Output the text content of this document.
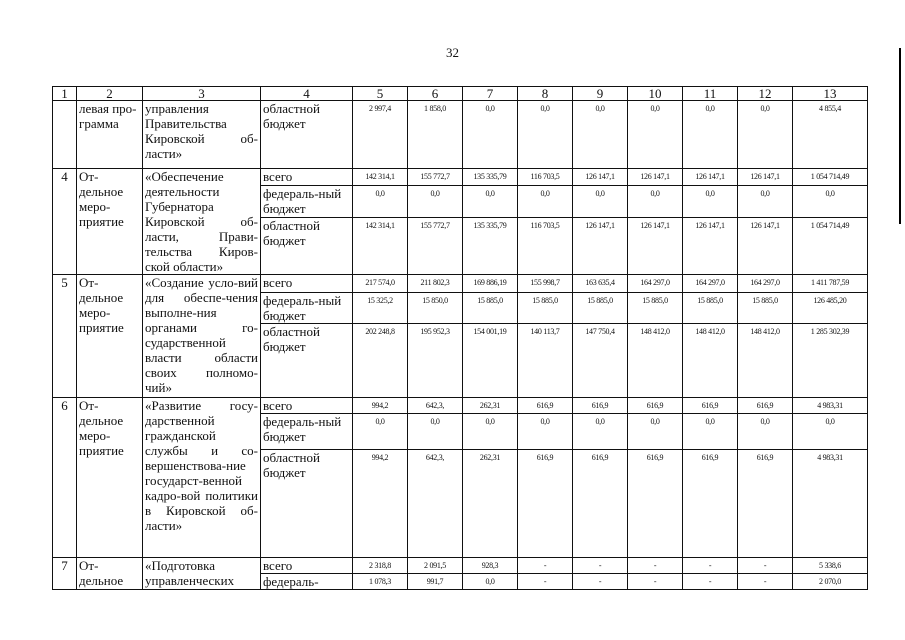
32
1	2	3	4	5	6	7	8	9	10	11	12	13
	левая про-грамма	управления Правительства Кировской об-ласти»	областной бюджет	2 997,4	1 858,0	0,0	0,0	0,0	0,0	0,0	0,0	4 855,4
4	От-дельное меро-приятие	«Обеспечение деятельности Губернатора Кировской об-ласти, Прави-тельства Киров-ской области»	всего	142 314,1	155 772,7	135 335,79	116 703,5	126 147,1	126 147,1	126 147,1	126 147,1	1 054 714,49
			федераль-ный бюджет	0,0	0,0	0,0	0,0	0,0	0,0	0,0	0,0	0,0
			областной бюджет	142 314,1	155 772,7	135 335,79	116 703,5	126 147,1	126 147,1	126 147,1	126 147,1	1 054 714,49
5	От-дельное меро-приятие	«Создание усло-вий для обеспе-чения выполне-ния органами го-сударственной власти области своих полномо-чий»	всего	217 574,0	211 802,3	169 886,19	155 998,7	163 635,4	164 297,0	164 297,0	164 297,0	1 411 787,59
			федераль-ный бюджет	15 325,2	15 850,0	15 885,0	15 885,0	15 885,0	15 885,0	15 885,0	15 885,0	126 485,20
			областной бюджет	202 248,8	195 952,3	154 001,19	140 113,7	147 750,4	148 412,0	148 412,0	148 412,0	1 285 302,39
6	От-дельное меро-приятие	«Развитие госу-дарственной гражданской службы и со-вершенствова-ние государст-венной кадро-вой политики в Кировской об-ласти»	всего	994,2	642,3,	262,31	616,9	616,9	616,9	616,9	616,9	4 983,31
			федераль-ный бюджет	0,0	0,0	0,0	0,0	0,0	0,0	0,0	0,0	0,0
			областной бюджет	994,2	642,3,	262,31	616,9	616,9	616,9	616,9	616,9	4 983,31
7	От-дельное	«Подготовка управленческих	всего	2 318,8	2 091,5	928,3	-	-	-	-	-	5 338,6
			федераль-	1 078,3	991,7	0,0	-	-	-	-	-	2 070,0
